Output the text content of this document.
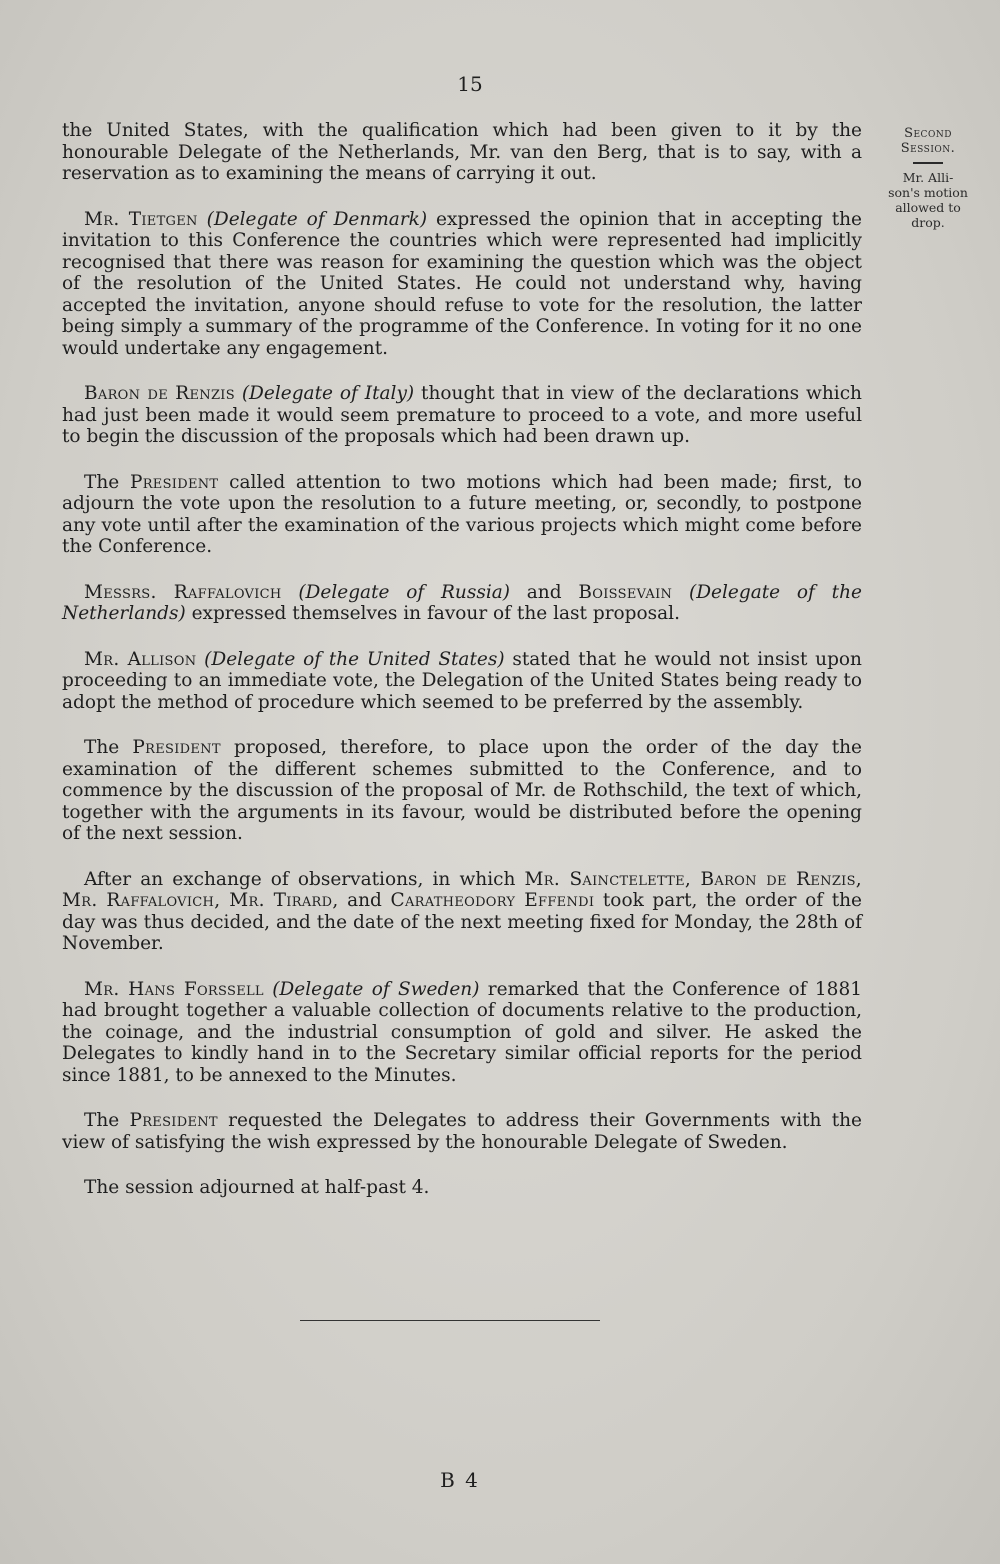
15
Second
Session.
Mr. Alli-
son's motion
allowed to
drop.

the United States, with the qualification which had been given to it by the honourable Delegate of the Netherlands, Mr. van den Berg, that is to say, with a reservation as to examining the means of carrying it out.

Mr. Tietgen (Delegate of Denmark) expressed the opinion that in accepting the invitation to this Conference the countries which were represented had implicitly recognised that there was reason for examining the question which was the object of the resolution of the United States. He could not understand why, having accepted the invitation, anyone should refuse to vote for the resolution, the latter being simply a summary of the programme of the Conference. In voting for it no one would undertake any engagement.

Baron de Renzis (Delegate of Italy) thought that in view of the declarations which had just been made it would seem premature to proceed to a vote, and more useful to begin the discussion of the proposals which had been drawn up.

The President called attention to two motions which had been made; first, to adjourn the vote upon the resolution to a future meeting, or, secondly, to postpone any vote until after the examination of the various projects which might come before the Conference.

Messrs. Raffalovich (Delegate of Russia) and Boissevain (Delegate of the Netherlands) expressed themselves in favour of the last proposal.

Mr. Allison (Delegate of the United States) stated that he would not insist upon proceeding to an immediate vote, the Delegation of the United States being ready to adopt the method of procedure which seemed to be preferred by the assembly.

The President proposed, therefore, to place upon the order of the day the examination of the different schemes submitted to the Conference, and to commence by the discussion of the proposal of Mr. de Rothschild, the text of which, together with the arguments in its favour, would be distributed before the opening of the next session.

After an exchange of observations, in which Mr. Sainctelette, Baron de Renzis, Mr. Raffalovich, Mr. Tirard, and Caratheodory Effendi took part, the order of the day was thus decided, and the date of the next meeting fixed for Monday, the 28th of November.

Mr. Hans Forssell (Delegate of Sweden) remarked that the Conference of 1881 had brought together a valuable collection of documents relative to the production, the coinage, and the industrial consumption of gold and silver. He asked the Delegates to kindly hand in to the Secretary similar official reports for the period since 1881, to be annexed to the Minutes.

The President requested the Delegates to address their Governments with the view of satisfying the wish expressed by the honourable Delegate of Sweden.

The session adjourned at half-past 4.

B 4
